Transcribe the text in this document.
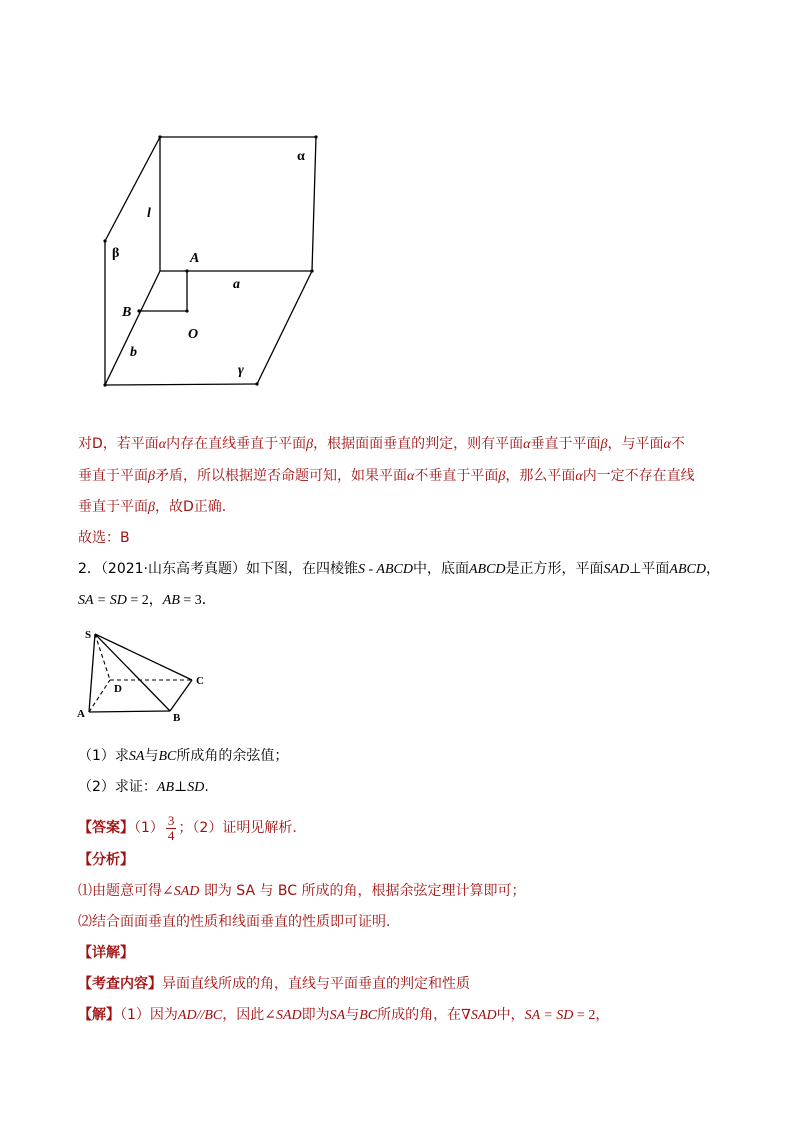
α
β
γ
l
A
a
B
O
b
对D，若平面α内存在直线垂直于平面β，根据面面垂直的判定，则有平面α垂直于平面β，与平面α不
垂直于平面β矛盾，所以根据逆否命题可知，如果平面α不垂直于平面β，那么平面α内一定不存在直线
垂直于平面β，故D正确.
故选：B
2．（2021·山东高考真题）如下图，在四棱锥S - ABCD中，底面ABCD是正方形，平面SAD⊥平面ABCD，
SA = SD = 2，AB = 3．
S
D
C
A	B
（1）求SA与BC所成角的余弦值；
（2）求证：AB⊥SD.
【答案】$(1) \frac{3}{4}$ ；（2）证明见解析.
【分析】
⑴由题意可得∠SAD 即为 SA 与 BC 所成的角，根据余弦定理计算即可；
⑵结合面面垂直的性质和线面垂直的性质即可证明.
【详解】
【考查内容】异面直线所成的角，直线与平面垂直的判定和性质
【解】（1）因为AD//BC，因此∠SAD即为SA与BC所成的角，在∇SAD中，SA = SD = 2，
